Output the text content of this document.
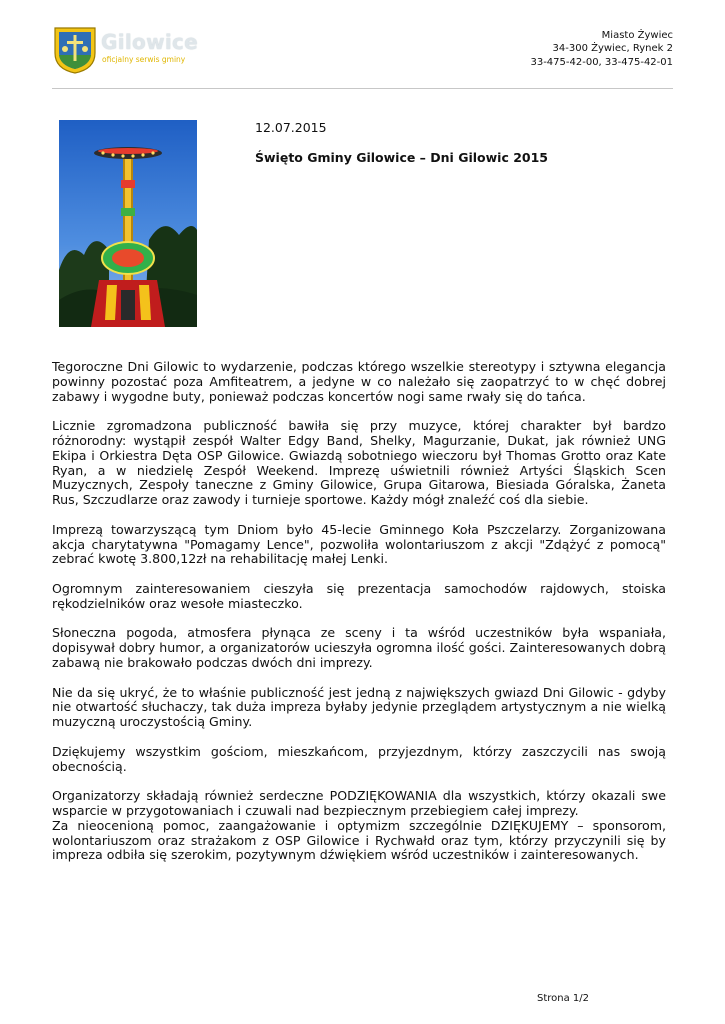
Gilowice
oficjalny serwis gminy
Miasto Żywiec
34-300 Żywiec, Rynek 2
33-475-42-00, 33-475-42-01
12.07.2015
Święto Gminy Gilowice – Dni Gilowic 2015

Tegoroczne Dni Gilowic to wydarzenie, podczas którego wszelkie stereotypy i sztywna elegancja powinny pozostać poza Amfiteatrem, a jedyne w co należało się zaopatrzyć to w chęć dobrej zabawy i wygodne buty, ponieważ podczas koncertów nogi same rwały się do tańca.

Licznie zgromadzona publiczność bawiła się przy muzyce, której charakter był bardzo różnorodny: wystąpił zespół Walter Edgy Band, Shelky, Magurzanie, Dukat, jak również UNG Ekipa i Orkiestra Dęta OSP Gilowice. Gwiazdą sobotniego wieczoru był Thomas Grotto oraz Kate Ryan, a w niedzielę Zespół Weekend. Imprezę uświetnili również Artyści Śląskich Scen Muzycznych, Zespoły taneczne z Gminy Gilowice, Grupa Gitarowa, Biesiada Góralska, Żaneta Rus, Szczudlarze oraz zawody i turnieje sportowe. Każdy mógł znaleźć coś dla siebie.

Imprezą towarzyszącą tym Dniom było 45-lecie Gminnego Koła Pszczelarzy. Zorganizowana akcja charytatywna "Pomagamy Lence", pozwoliła wolontariuszom z akcji "Zdążyć z pomocą" zebrać kwotę 3.800,12zł na rehabilitację małej Lenki.

Ogromnym zainteresowaniem cieszyła się prezentacja samochodów rajdowych, stoiska rękodzielników oraz wesołe miasteczko.

Słoneczna pogoda, atmosfera płynąca ze sceny i ta wśród uczestników była wspaniała, dopisywał dobry humor, a organizatorów ucieszyła ogromna ilość gości. Zainteresowanych dobrą zabawą nie brakowało podczas dwóch dni imprezy.

Nie da się ukryć, że to właśnie publiczność jest jedną z największych gwiazd Dni Gilowic - gdyby nie otwartość słuchaczy, tak duża impreza byłaby jedynie przeglądem artystycznym a nie wielką muzyczną uroczystością Gminy.

Dziękujemy wszystkim gościom, mieszkańcom, przyjezdnym, którzy zaszczycili nas swoją obecnością.

Organizatorzy składają również serdeczne PODZIĘKOWANIA dla wszystkich, którzy okazali swe wsparcie w przygotowaniach i czuwali nad bezpiecznym przebiegiem całej imprezy.

Za nieocenioną pomoc, zaangażowanie i optymizm szczególnie DZIĘKUJEMY – sponsorom, wolontariuszom oraz strażakom z OSP Gilowice i Rychwałd oraz tym, którzy przyczynili się by impreza odbiła się szerokim, pozytywnym dźwiękiem wśród uczestników i zainteresowanych.

Strona 1/2
